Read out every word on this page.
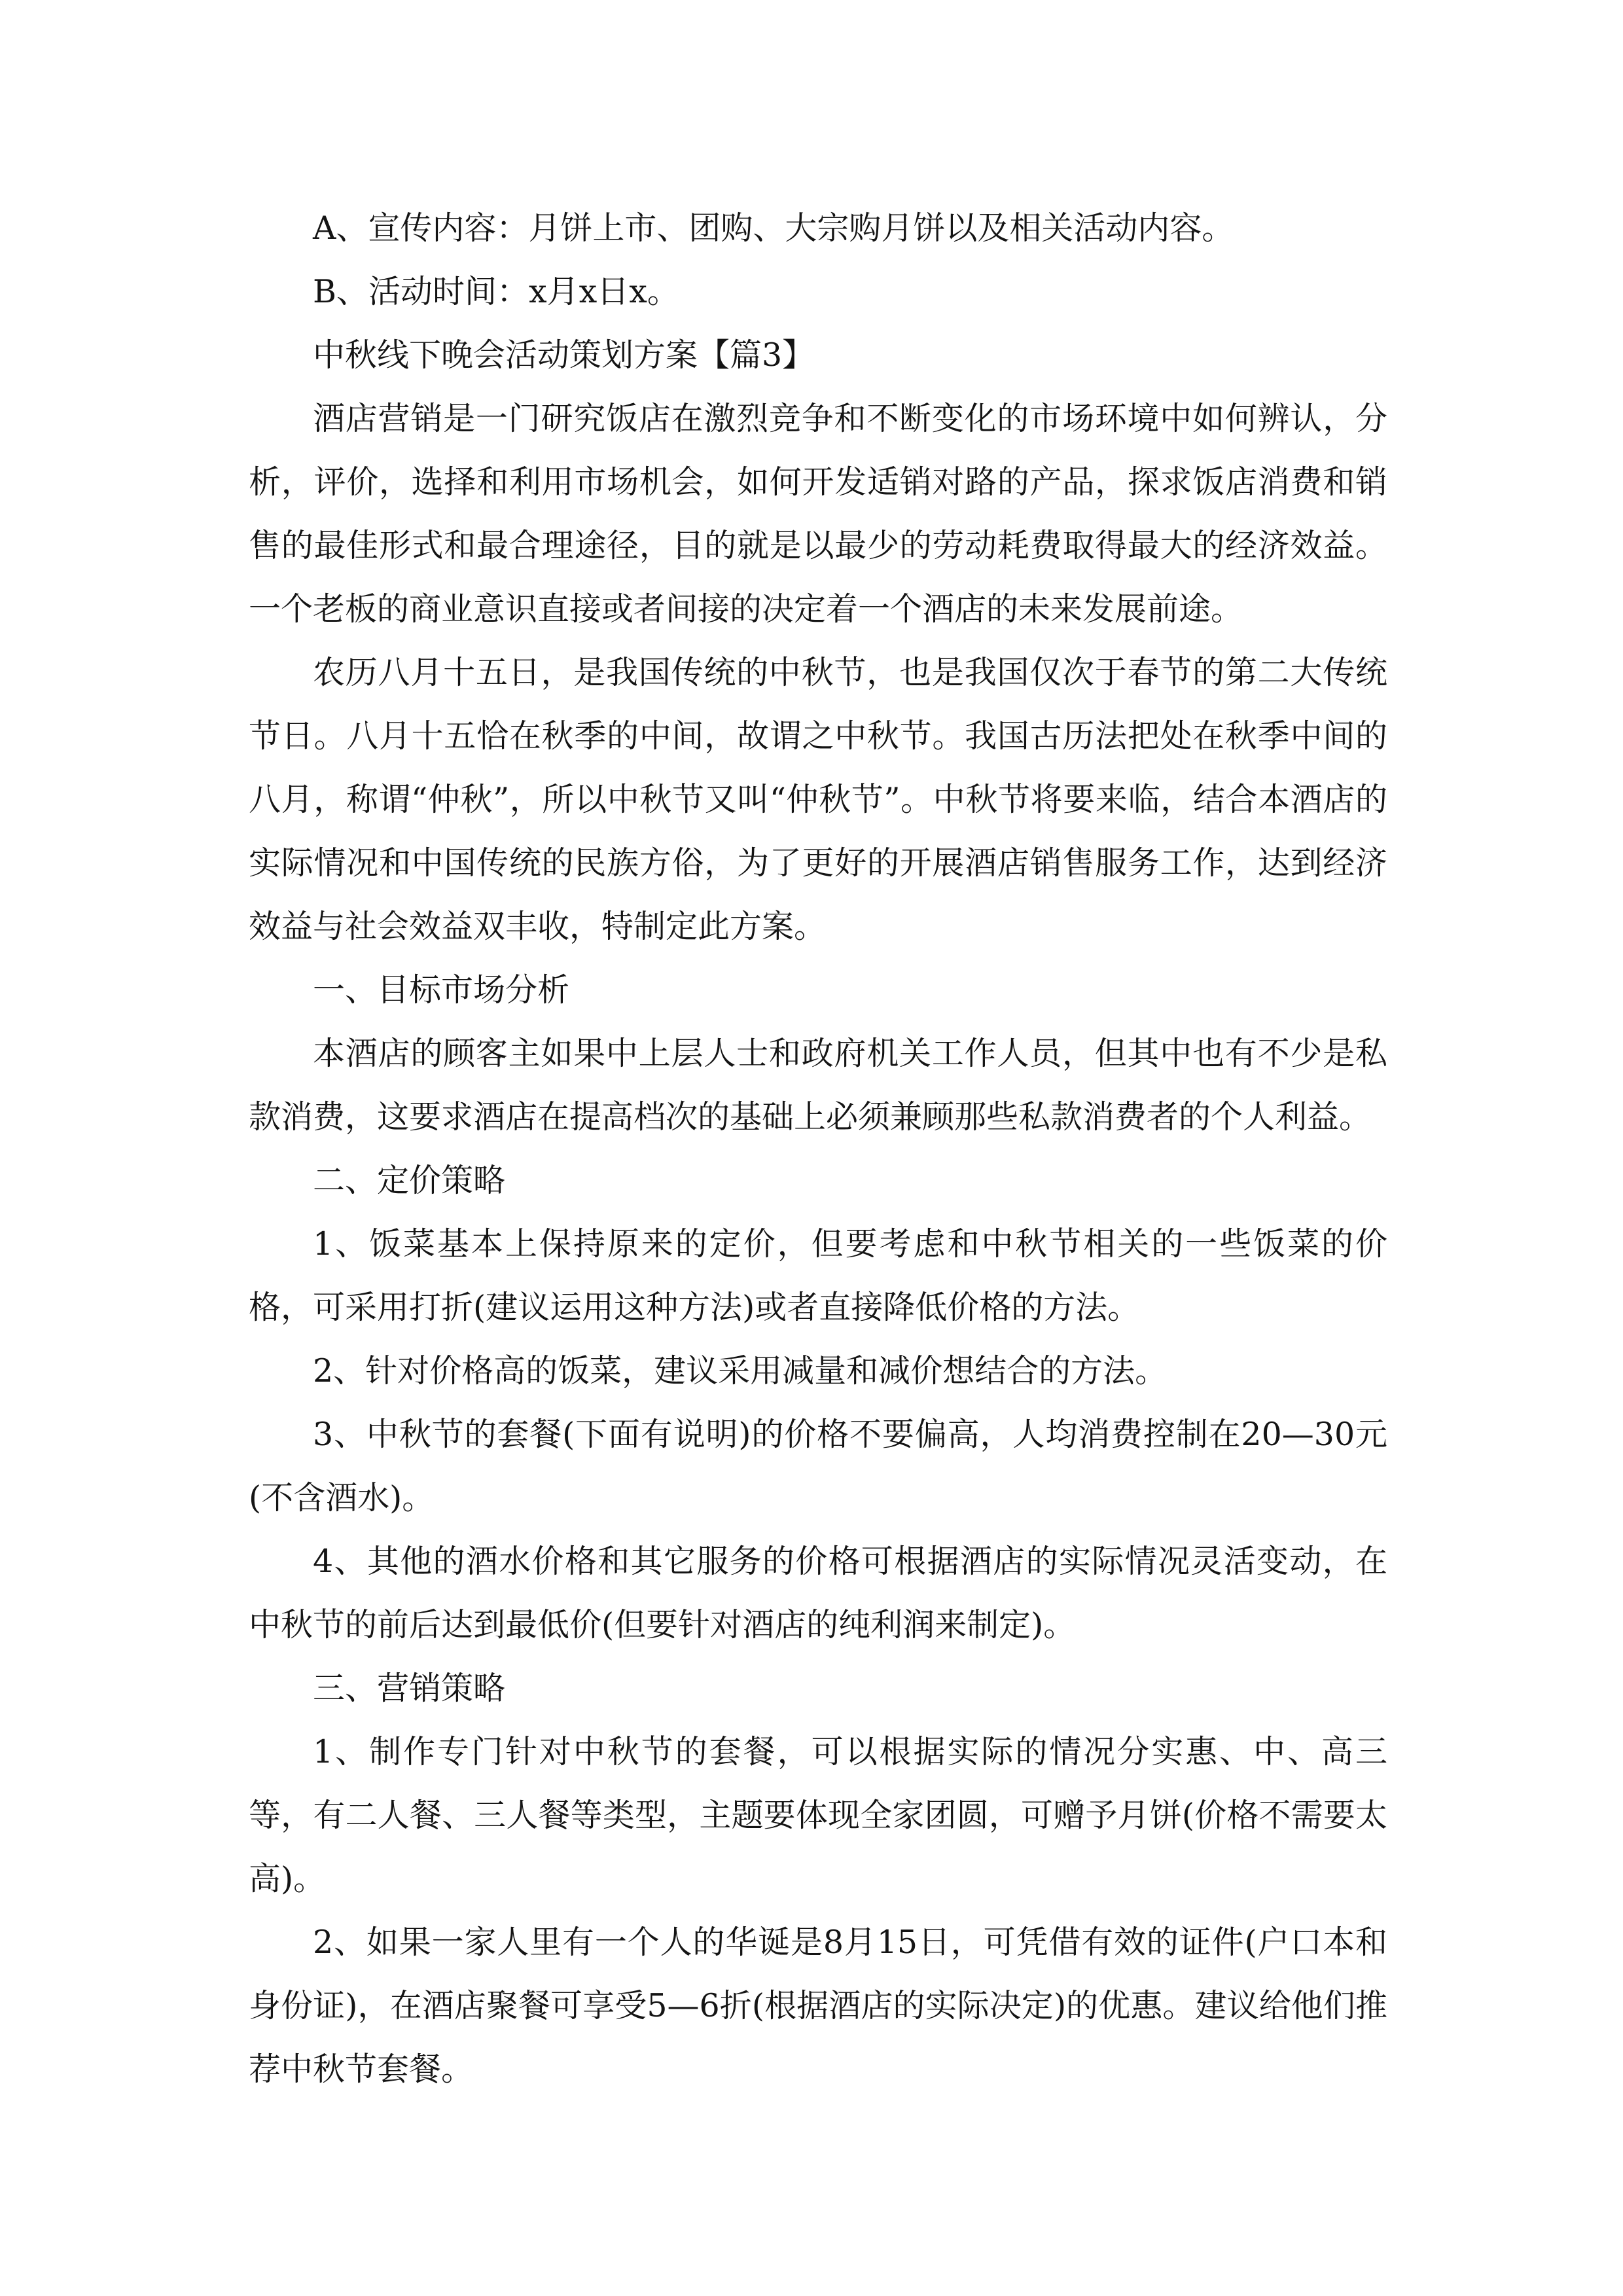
A、宣传内容：月饼上市、团购、大宗购月饼以及相关活动内容。

B、活动时间：x月x日x。

中秋线下晚会活动策划方案【篇3】

酒店营销是一门研究饭店在激烈竞争和不断变化的市场环境中如何辨认，分析，评价，选择和利用市场机会，如何开发适销对路的产品，探求饭店消费和销售的最佳形式和最合理途径，目的就是以最少的劳动耗费取得最大的经济效益。一个老板的商业意识直接或者间接的决定着一个酒店的未来发展前途。

农历八月十五日，是我国传统的中秋节，也是我国仅次于春节的第二大传统节日。八月十五恰在秋季的中间，故谓之中秋节。我国古历法把处在秋季中间的八月，称谓“仲秋”，所以中秋节又叫“仲秋节”。中秋节将要来临，结合本酒店的实际情况和中国传统的民族方俗，为了更好的开展酒店销售服务工作，达到经济效益与社会效益双丰收，特制定此方案。

一、目标市场分析

本酒店的顾客主如果中上层人士和政府机关工作人员，但其中也有不少是私款消费，这要求酒店在提高档次的基础上必须兼顾那些私款消费者的个人利益。

二、定价策略

1、饭菜基本上保持原来的定价，但要考虑和中秋节相关的一些饭菜的价格，可采用打折(建议运用这种方法)或者直接降低价格的方法。

2、针对价格高的饭菜，建议采用减量和减价想结合的方法。

3、中秋节的套餐(下面有说明)的价格不要偏高，人均消费控制在20—30元(不含酒水)。

4、其他的酒水价格和其它服务的价格可根据酒店的实际情况灵活变动，在中秋节的前后达到最低价(但要针对酒店的纯利润来制定)。

三、营销策略

1、制作专门针对中秋节的套餐，可以根据实际的情况分实惠、中、高三等，有二人餐、三人餐等类型，主题要体现全家团圆，可赠予月饼(价格不需要太高)。

2、如果一家人里有一个人的华诞是8月15日，可凭借有效的证件(户口本和身份证)，在酒店聚餐可享受5—6折(根据酒店的实际决定)的优惠。建议给他们推荐中秋节套餐。
